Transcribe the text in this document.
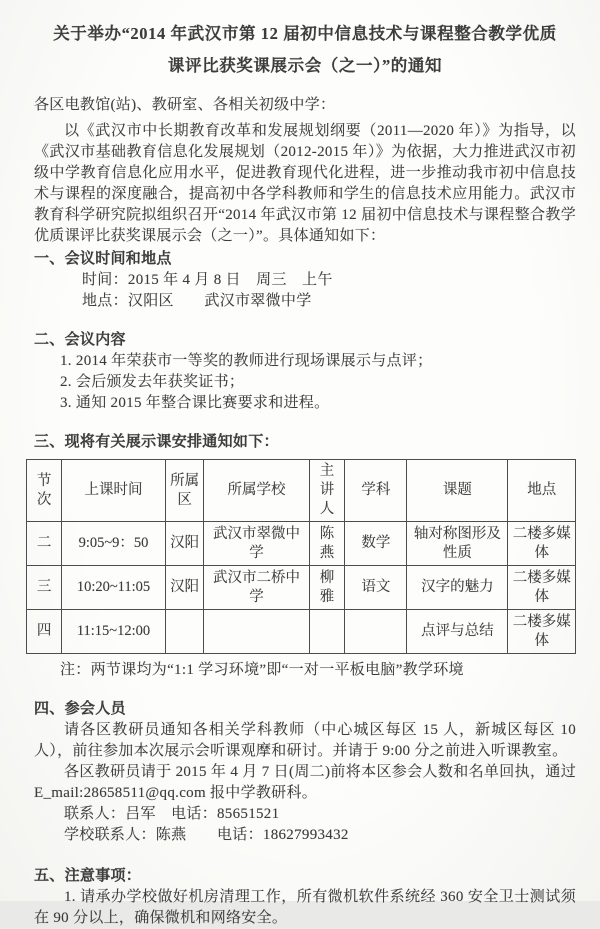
关于举办“2014 年武汉市第 12 届初中信息技术与课程整合教学优质
课评比获奖课展示会（之一）”的通知
各区电教馆(站)、教研室、各相关初级中学：

以《武汉市中长期教育改革和发展规划纲要（2011—2020 年）》为指导，以《武汉市基础教育信息化发展规划（2012-2015 年）》为依据，大力推进武汉市初级中学教育信息化应用水平，促进教育现代化进程，进一步推动我市初中信息技术与课程的深度融合，提高初中各学科教师和学生的信息技术应用能力。武汉市教育科学研究院拟组织召开“2014 年武汉市第 12 届初中信息技术与课程整合教学优质课评比获奖课展示会（之一）”。具体通知如下：

一、会议时间和地点
时间：2015 年 4 月 8 日　周三　上午
地点：汉阳区　　武汉市翠微中学
二、会议内容
1. 2014 年荣获市一等奖的教师进行现场课展示与点评；
2. 会后颁发去年获奖证书；
3. 通知 2015 年整合课比赛要求和进程。
三、现将有关展示课安排通知如下：
节次	上课时间	所属区	所属学校	主讲人	学科	课题	地点
二	9:05~9：50	汉阳	武汉市翠微中学	陈燕	数学	轴对称图形及性质	二楼多媒体
三	10:20~11:05	汉阳	武汉市二桥中学	柳雅	语文	汉字的魅力	二楼多媒体
四	11:15~12:00					点评与总结	二楼多媒体
注：两节课均为“1:1 学习环境”即“一对一平板电脑”教学环境
四、参会人员

请各区教研员通知各相关学科教师（中心城区每区 15 人，新城区每区 10 人），前往参加本次展示会听课观摩和研讨。并请于 9:00 分之前进入听课教室。

各区教研员请于 2015 年 4 月 7 日(周二)前将本区参会人数和名单回执，通过 E_mail:28658511@qq.com 报中学教研科。

联系人：吕军　电话：85651521
学校联系人：陈燕　　电话：18627993432
五、注意事项：

1. 请承办学校做好机房清理工作，所有微机软件系统经 360 安全卫士测试须在 90 分以上，确保微机和网络安全。
